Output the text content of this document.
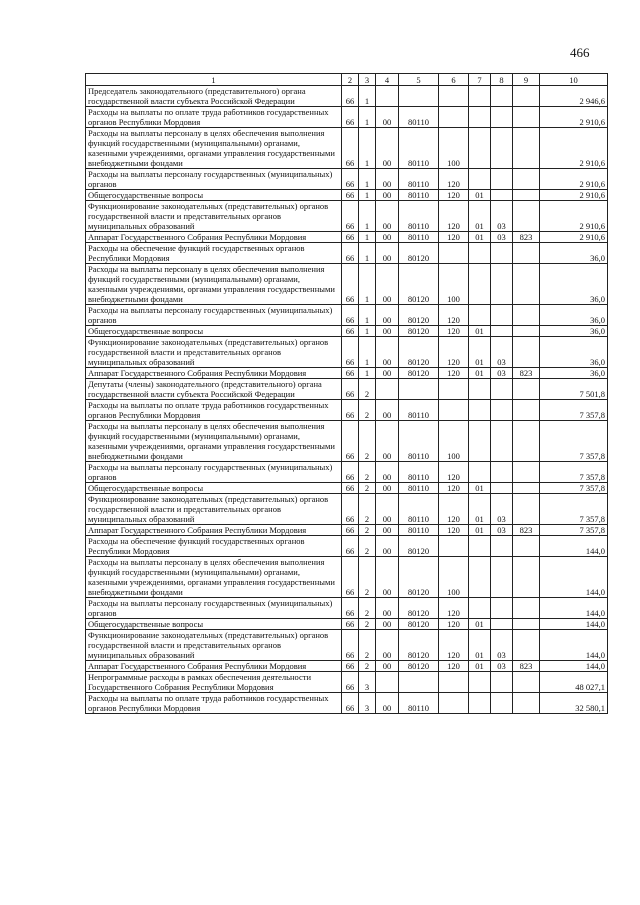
466
1	2	3	4	5	6	7	8	9	10
Председатель законодательного (представительного) органа государственной власти субъекта Российской Федерации	66	1							2 946,6
Расходы на выплаты по оплате труда работников государственных органов Республики Мордовия	66	1	00	80110					2 910,6
Расходы на выплаты персоналу в целях обеспечения выполнения функций государственными (муниципальными) органами, казенными учреждениями, органами управления государственными внебюджетными фондами	66	1	00	80110	100				2 910,6
Расходы на выплаты персоналу государственных (муниципальных) органов	66	1	00	80110	120				2 910,6
Общегосударственные вопросы	66	1	00	80110	120	01			2 910,6
Функционирование законодательных (представительных) органов государственной власти и представительных органов муниципальных образований	66	1	00	80110	120	01	03		2 910,6
Аппарат Государственного Собрания Республики Мордовия	66	1	00	80110	120	01	03	823	2 910,6
Расходы на обеспечение функций государственных органов Республики Мордовия	66	1	00	80120					36,0
Расходы на выплаты персоналу в целях обеспечения выполнения функций государственными (муниципальными) органами, казенными учреждениями, органами управления государственными внебюджетными фондами	66	1	00	80120	100				36,0
Расходы на выплаты персоналу государственных (муниципальных) органов	66	1	00	80120	120				36,0
Общегосударственные вопросы	66	1	00	80120	120	01			36,0
Функционирование законодательных (представительных) органов государственной власти и представительных органов муниципальных образований	66	1	00	80120	120	01	03		36,0
Аппарат Государственного Собрания Республики Мордовия	66	1	00	80120	120	01	03	823	36,0
Депутаты (члены) законодательного (представительного) органа государственной власти субъекта Российской Федерации	66	2							7 501,8
Расходы на выплаты по оплате труда работников государственных органов Республики Мордовия	66	2	00	80110					7 357,8
Расходы на выплаты персоналу в целях обеспечения выполнения функций государственными (муниципальными) органами, казенными учреждениями, органами управления государственными внебюджетными фондами	66	2	00	80110	100				7 357,8
Расходы на выплаты персоналу государственных (муниципальных) органов	66	2	00	80110	120				7 357,8
Общегосударственные вопросы	66	2	00	80110	120	01			7 357,8
Функционирование законодательных (представительных) органов государственной власти и представительных органов муниципальных образований	66	2	00	80110	120	01	03		7 357,8
Аппарат Государственного Собрания Республики Мордовия	66	2	00	80110	120	01	03	823	7 357,8
Расходы на обеспечение функций государственных органов Республики Мордовия	66	2	00	80120					144,0
Расходы на выплаты персоналу в целях обеспечения выполнения функций государственными (муниципальными) органами, казенными учреждениями, органами управления государственными внебюджетными фондами	66	2	00	80120	100				144,0
Расходы на выплаты персоналу государственных (муниципальных) органов	66	2	00	80120	120				144,0
Общегосударственные вопросы	66	2	00	80120	120	01			144,0
Функционирование законодательных (представительных) органов государственной власти и представительных органов муниципальных образований	66	2	00	80120	120	01	03		144,0
Аппарат Государственного Собрания Республики Мордовия	66	2	00	80120	120	01	03	823	144,0
Непрограммные расходы в рамках обеспечения деятельности Государственного Собрания Республики Мордовия	66	3							48 027,1
Расходы на выплаты по оплате труда работников государственных органов Республики Мордовия	66	3	00	80110					32 580,1
